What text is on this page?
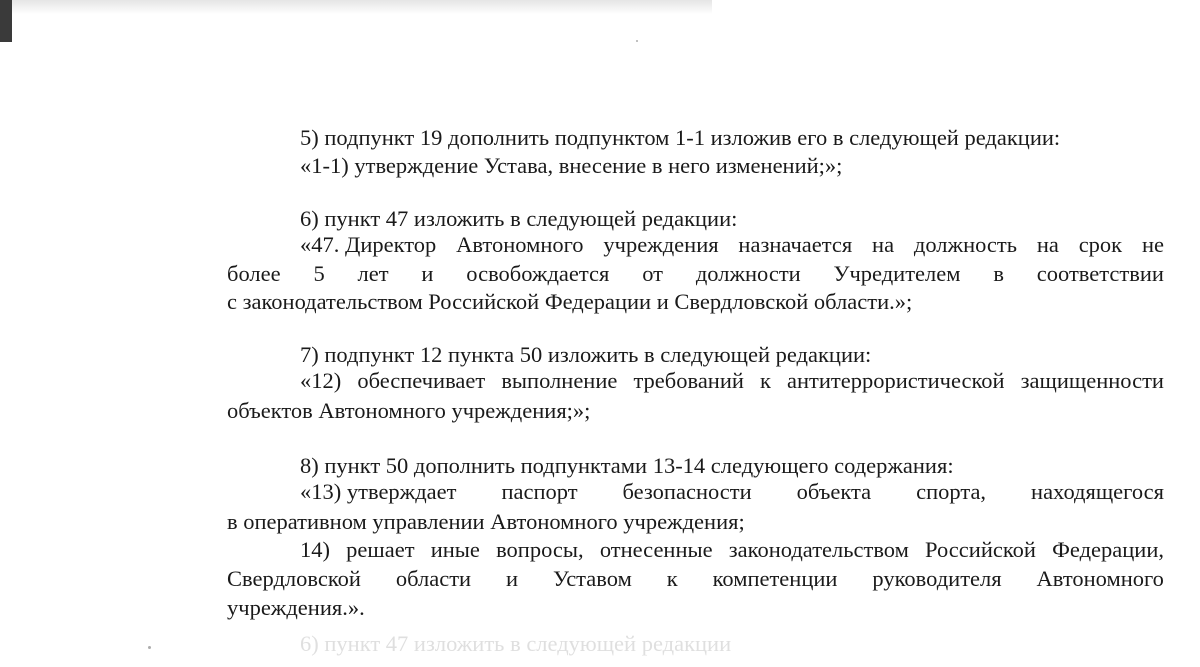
5) подпункт 19 дополнить подпунктом 1-1 изложив его в следующей редакции:
«1-1) утверждение Устава, внесение в него изменений;»;
6) пункт 47 изложить в следующей редакции:
«47. Директор Автономного учреждения назначается на должность на срок не
более 5 лет и освобождается от должности Учредителем в соответствии
с законодательством Российской Федерации и Свердловской области.»;
7) подпункт 12 пункта 50 изложить в следующей редакции:
«12) обеспечивает выполнение требований к антитеррористической защищенности
объектов Автономного учреждения;»;
8) пункт 50 дополнить подпунктами 13-14 следующего содержания:
«13) утверждает паспорт безопасности объекта спорта, находящегося
в оперативном управлении Автономного учреждения;
14) решает иные вопросы, отнесенные законодательством Российской Федерации,
Свердловской области и Уставом к компетенции руководителя Автономного
учреждения.».
6) пункт 47 изложить в следующей редакции
